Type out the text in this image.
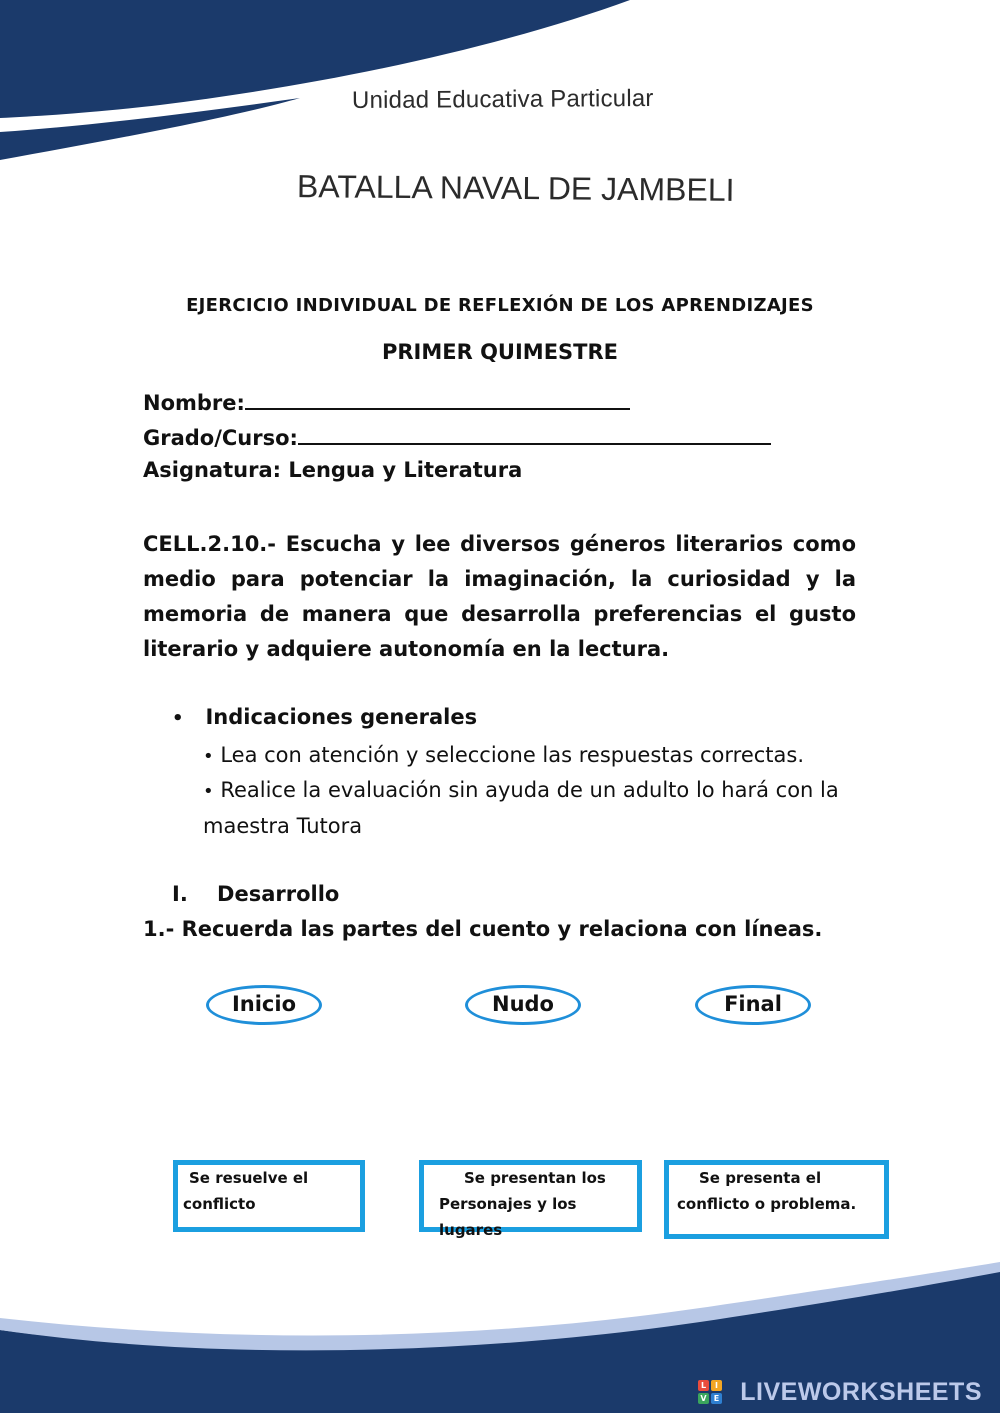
Unidad Educativa Particular
BATALLA NAVAL DE JAMBELI
EJERCICIO INDIVIDUAL DE REFLEXIÓN DE LOS APRENDIZAJES
PRIMER QUIMESTRE
Nombre:
Grado/Curso:
Asignatura: Lengua y Literatura
CELL.2.10.- Escucha y lee diversos géneros literarios como medio para potenciar la imaginación, la curiosidad y la memoria de manera que desarrolla preferencias el gusto literario y adquiere autonomía en la lectura.
• Indicaciones generales
• Lea con atención y seleccione las respuestas correctas.
• Realice la evaluación sin ayuda de un adulto lo hará con la maestra Tutora
I. Desarrollo
1.- Recuerda las partes del cuento y relaciona con líneas.
Inicio	Nudo	Final
Se resuelve el
conflicto
Se presentan los
Personajes y los lugares
Se presenta el
conflicto o problema.
L	I
V E LIVEWORKSHEETS
